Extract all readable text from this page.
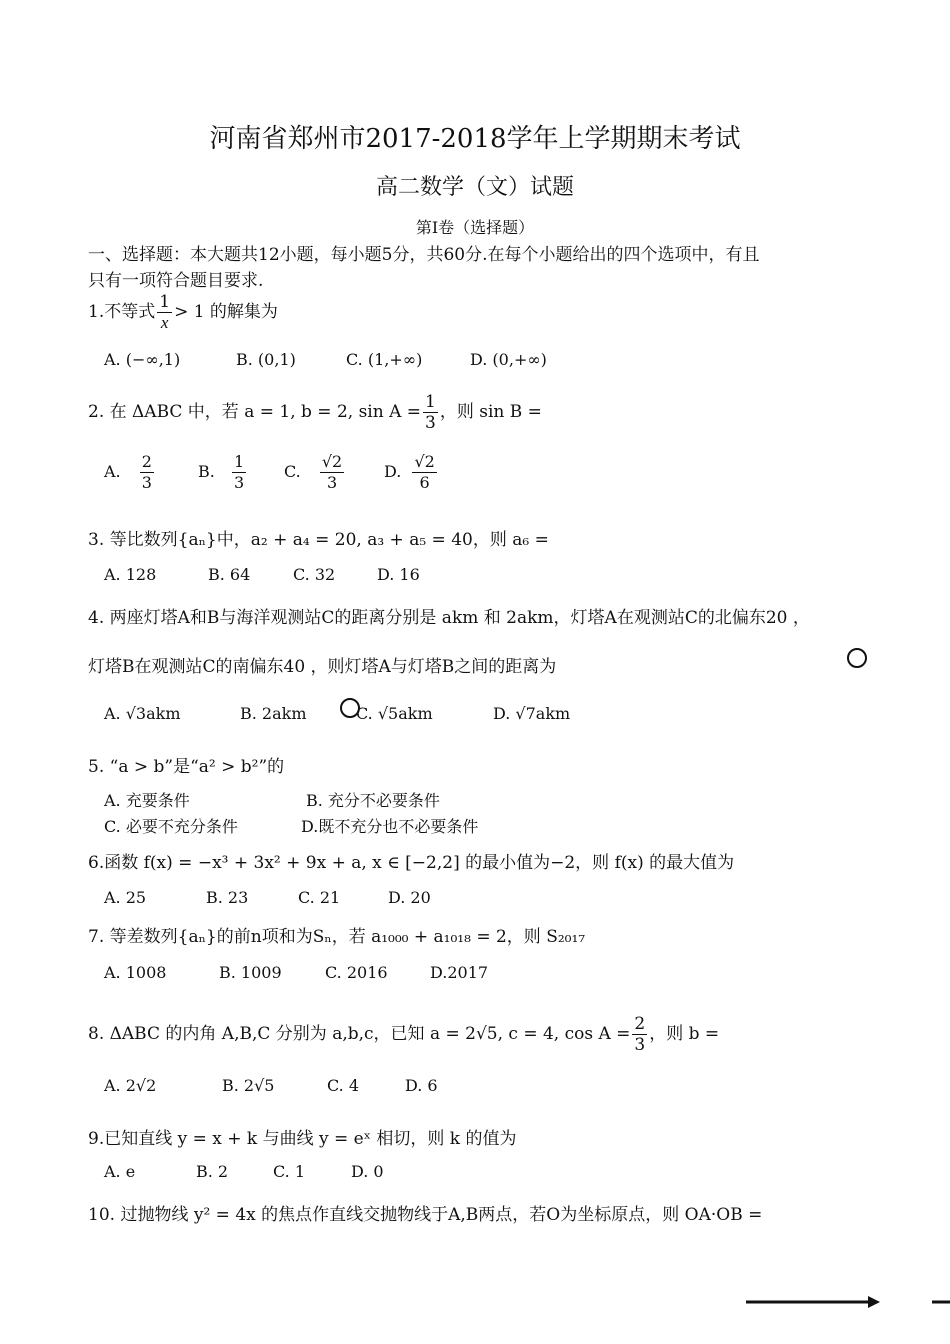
河南省郑州市2017-2018学年上学期期末考试
高二数学（文）试题
第Ⅰ卷（选择题）
一、选择题：本大题共12小题，每小题5分，共60分.在每个小题给出的四个选项中，有且
只有一项符合题目要求.
1.不等式 $\frac{1}{x} > 1$ 的解集为
A. (−∞,1)	B. (0,1)	C. (1,+∞)	D. (0,+∞)
2. 在 ΔABC 中，若 a = 1, b = 2, $\sin A = \frac{1}{3}$ ，则 sin B =
A. $\frac{2}{3}$	B. $\frac{1}{3} C$. $\frac{√2}{3} D$. $\frac{√2}{6}$
3. 等比数列{aₙ}中，a₂ + a₄ = 20, a₃ + a₅ = 40，则 a₆ =
A. 128	B. 64	C. 32	D. 16
4. 两座灯塔A和B与海洋观测站C的距离分别是 akm 和 2akm，灯塔A在观测站C的北偏东20 ，
灯塔B在观测站C的南偏东40 ，则灯塔A与灯塔B之间的距离为
A. √3akm	B. 2akm	C. √5akm	D. √7akm
5. “a > b”是“a² > b²”的
A. 充要条件	B. 充分不必要条件
C. 必要不充分条件	D.既不充分也不必要条件
6.函数 f(x) = −x³ + 3x² + 9x + a, x ∈ [−2,2] 的最小值为−2，则 f(x) 的最大值为
A. 25	B. 23	C. 21	D. 20
7. 等差数列{aₙ}的前n项和为Sₙ，若 a₁₀₀₀ + a₁₀₁₈ = 2，则 S₂₀₁₇
A. 1008	B. 1009	C. 2016	D.2017
8. ΔABC 的内角 A,B,C 分别为 a,b,c，已知 a = 2√5, c = 4, $\cos A = \frac{2}{3}$ ，则 b =
A. 2√2	B. 2√5	C. 4	D. 6
9.已知直线 y = x + k 与曲线 y = eˣ 相切，则 k 的值为
A. e	B. 2	C. 1	D. 0
10. 过抛物线 y² = 4x 的焦点作直线交抛物线于A,B两点，若O为坐标原点，则 OA·OB =
